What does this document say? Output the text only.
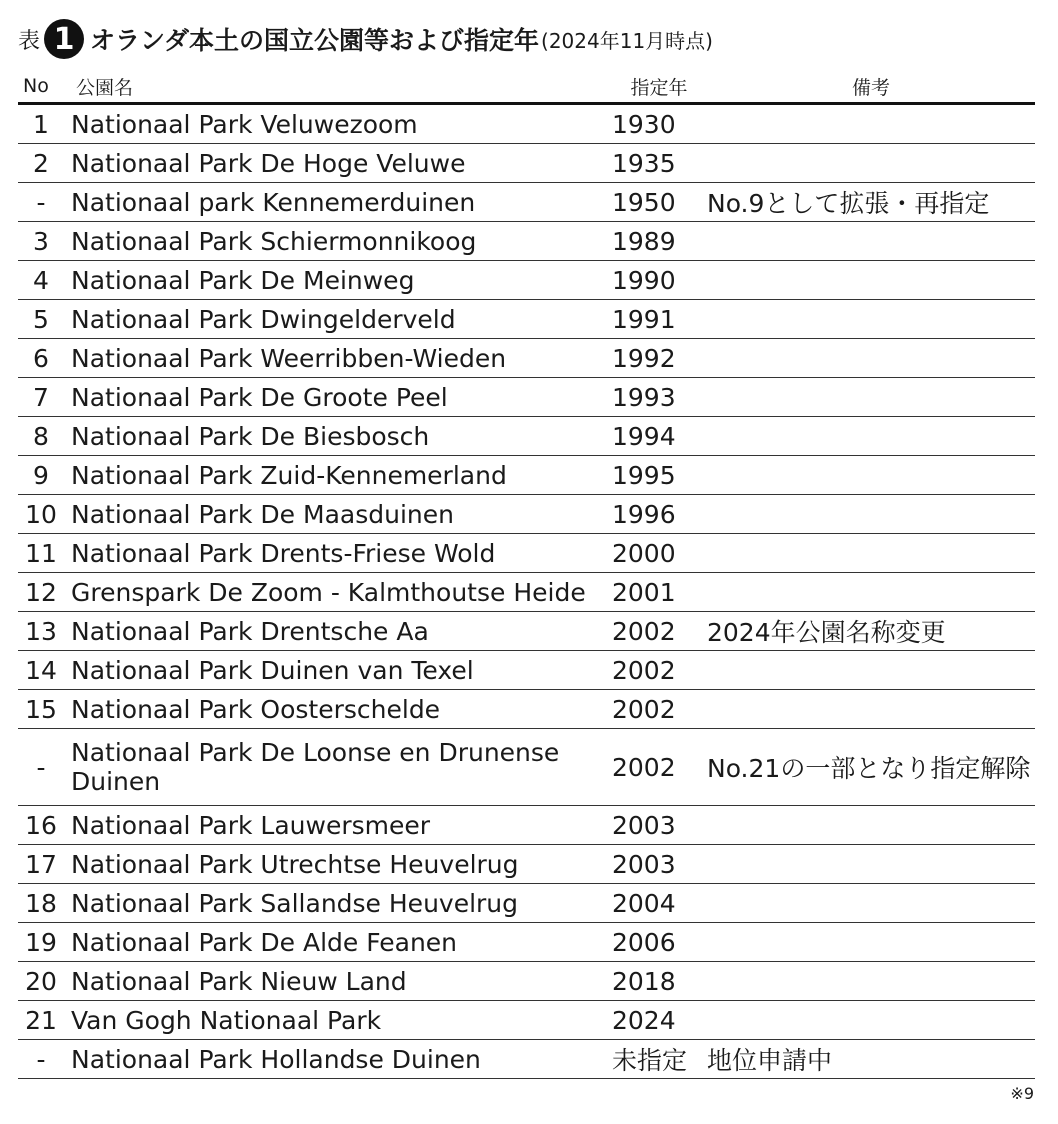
表 1 オランダ本土の国立公園等および指定年 (2024年11月時点)
No	公園名	指定年	備考
1	Nationaal Park Veluwezoom	1930	
2	Nationaal Park De Hoge Veluwe	1935	
-	Nationaal park Kennemerduinen	1950	No.9として拡張・再指定
3	Nationaal Park Schiermonnikoog	1989	
4	Nationaal Park De Meinweg	1990	
5	Nationaal Park Dwingelderveld	1991	
6	Nationaal Park Weerribben-Wieden	1992	
7	Nationaal Park De Groote Peel	1993	
8	Nationaal Park De Biesbosch	1994	
9	Nationaal Park Zuid-Kennemerland	1995	
10	Nationaal Park De Maasduinen	1996	
11	Nationaal Park Drents-Friese Wold	2000	
12	Grenspark De Zoom - Kalmthoutse Heide	2001	
13	Nationaal Park Drentsche Aa	2002	2024年公園名称変更
14	Nationaal Park Duinen van Texel	2002	
15	Nationaal Park Oosterschelde	2002	
-	Nationaal Park De Loonse en Drunense Duinen	2002	No.21の一部となり指定解除
16	Nationaal Park Lauwersmeer	2003	
17	Nationaal Park Utrechtse Heuvelrug	2003	
18	Nationaal Park Sallandse Heuvelrug	2004	
19	Nationaal Park De Alde Feanen	2006	
20	Nationaal Park Nieuw Land	2018	
21	Van Gogh Nationaal Park	2024	
-	Nationaal Park Hollandse Duinen	未指定	地位申請中
※9
